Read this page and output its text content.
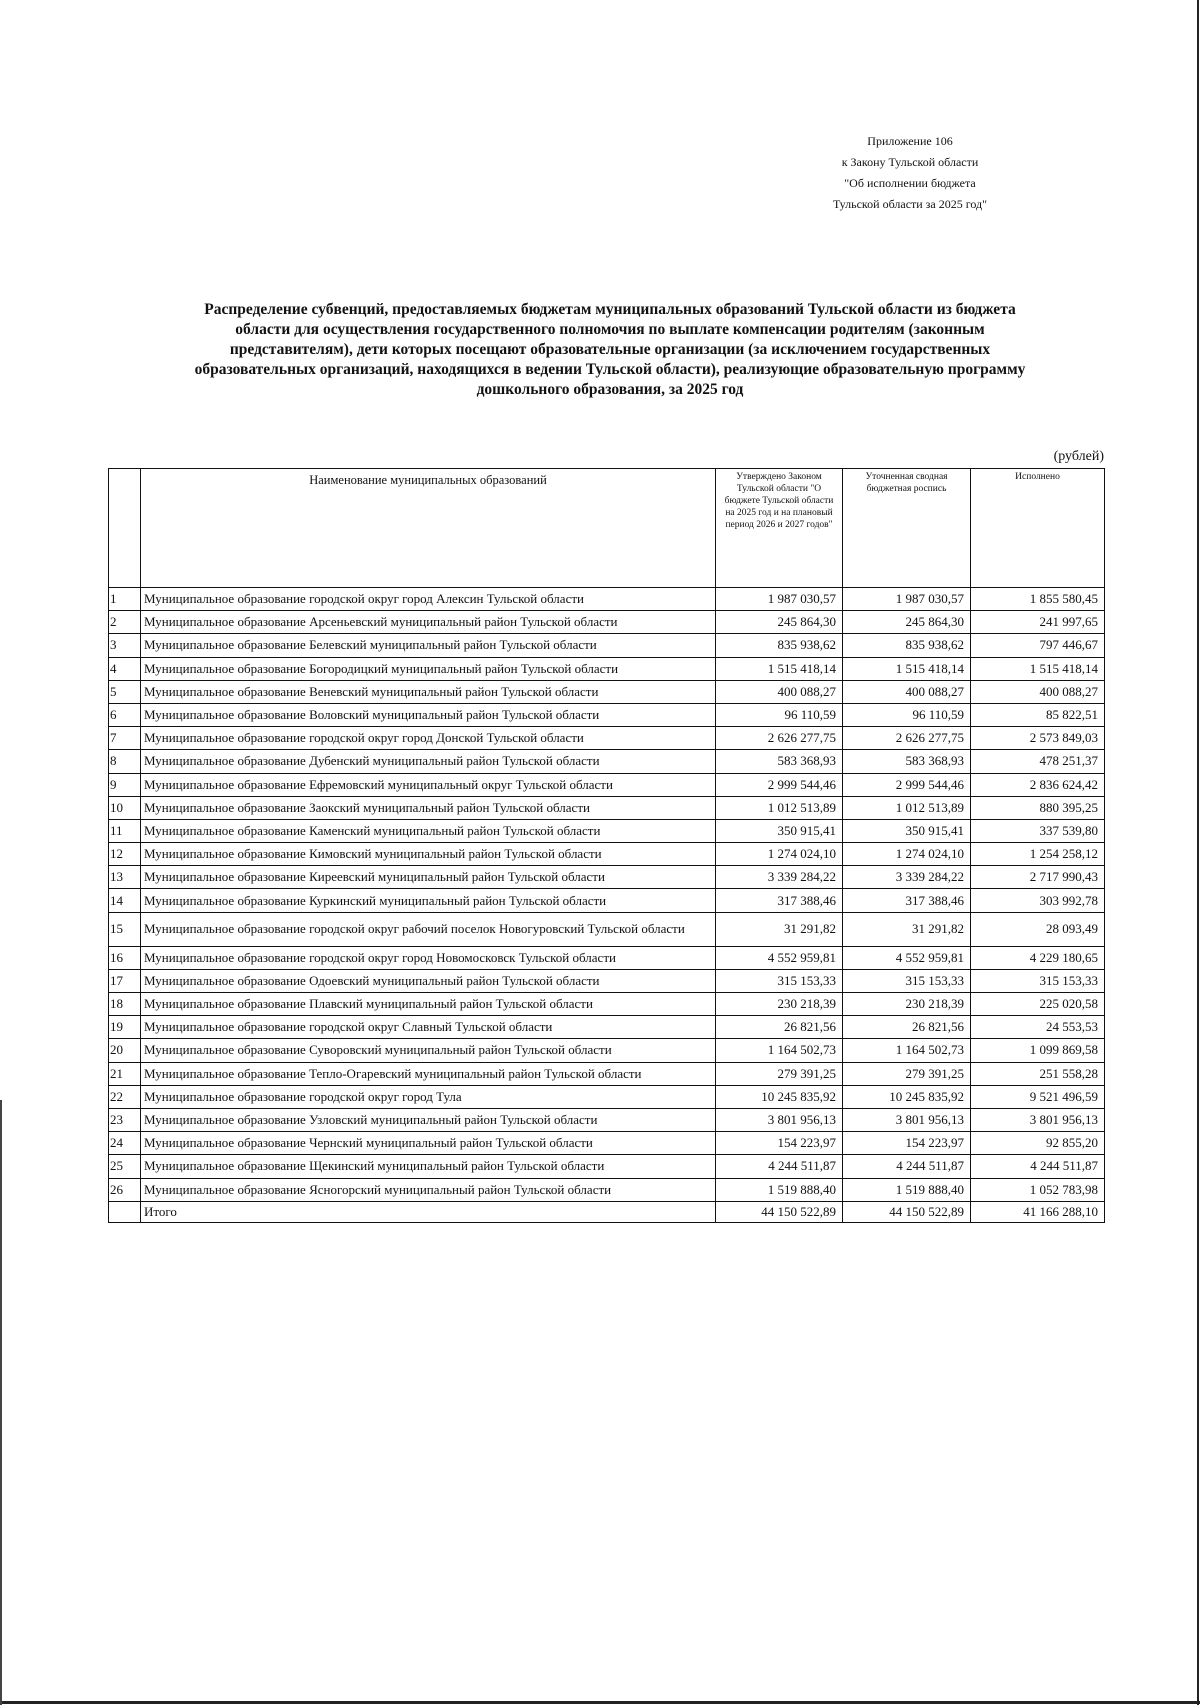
Приложение 106
к Закону Тульской области
"Об исполнении бюджета
Тульской области за 2025 год"
Распределение субвенций, предоставляемых бюджетам муниципальных образований Тульской области из бюджета
области для осуществления государственного полномочия по выплате компенсации родителям (законным
представителям), дети которых посещают образовательные организации (за исключением государственных
образовательных организаций, находящихся в ведении Тульской области), реализующие образовательную программу
дошкольного образования, за 2025 год
(рублей)
	Наименование муниципальных образований	Утверждено Законом Тульской области "О бюджете Тульской области на 2025 год и на плановый период 2026 и 2027 годов"	Уточненная сводная бюджетная роспись	Исполнено
1	Муниципальное образование городской округ город Алексин Тульской области	1 987 030,57	1 987 030,57	1 855 580,45
2	Муниципальное образование Арсеньевский муниципальный район Тульской области	245 864,30	245 864,30	241 997,65
3	Муниципальное образование Белевский муниципальный район Тульской области	835 938,62	835 938,62	797 446,67
4	Муниципальное образование Богородицкий муниципальный район Тульской области	1 515 418,14	1 515 418,14	1 515 418,14
5	Муниципальное образование Веневский муниципальный район Тульской области	400 088,27	400 088,27	400 088,27
6	Муниципальное образование Воловский муниципальный район Тульской области	96 110,59	96 110,59	85 822,51
7	Муниципальное образование городской округ город Донской Тульской области	2 626 277,75	2 626 277,75	2 573 849,03
8	Муниципальное образование Дубенский муниципальный район Тульской области	583 368,93	583 368,93	478 251,37
9	Муниципальное образование Ефремовский муниципальный округ Тульской области	2 999 544,46	2 999 544,46	2 836 624,42
10	Муниципальное образование Заокский муниципальный район Тульской области	1 012 513,89	1 012 513,89	880 395,25
11	Муниципальное образование Каменский муниципальный район Тульской области	350 915,41	350 915,41	337 539,80
12	Муниципальное образование Кимовский муниципальный район Тульской области	1 274 024,10	1 274 024,10	1 254 258,12
13	Муниципальное образование Киреевский муниципальный район Тульской области	3 339 284,22	3 339 284,22	2 717 990,43
14	Муниципальное образование Куркинский муниципальный район Тульской области	317 388,46	317 388,46	303 992,78
15	Муниципальное образование городской округ рабочий поселок Новогуровский Тульской области	31 291,82	31 291,82	28 093,49
16	Муниципальное образование городской округ город Новомосковск Тульской области	4 552 959,81	4 552 959,81	4 229 180,65
17	Муниципальное образование Одоевский муниципальный район Тульской области	315 153,33	315 153,33	315 153,33
18	Муниципальное образование Плавский муниципальный район Тульской области	230 218,39	230 218,39	225 020,58
19	Муниципальное образование городской округ Славный Тульской области	26 821,56	26 821,56	24 553,53
20	Муниципальное образование Суворовский муниципальный район Тульской области	1 164 502,73	1 164 502,73	1 099 869,58
21	Муниципальное образование Тепло-Огаревский муниципальный район Тульской области	279 391,25	279 391,25	251 558,28
22	Муниципальное образование городской округ город Тула	10 245 835,92	10 245 835,92	9 521 496,59
23	Муниципальное образование Узловский муниципальный район Тульской области	3 801 956,13	3 801 956,13	3 801 956,13
24	Муниципальное образование Чернский муниципальный район Тульской области	154 223,97	154 223,97	92 855,20
25	Муниципальное образование Щекинский муниципальный район Тульской области	4 244 511,87	4 244 511,87	4 244 511,87
26	Муниципальное образование Ясногорский муниципальный район Тульской области	1 519 888,40	1 519 888,40	1 052 783,98
	Итого	44 150 522,89	44 150 522,89	41 166 288,10
